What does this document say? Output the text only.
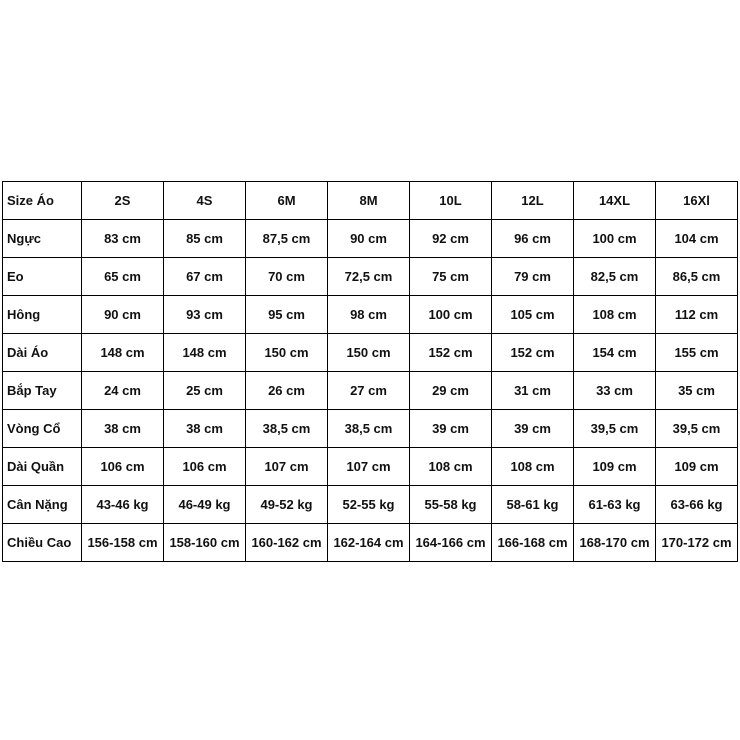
Size Áo	2S	4S	6M	8M	10L	12L	14XL	16Xl
Ngực	83 cm	85 cm	87,5 cm	90 cm	92 cm	96 cm	100 cm	104 cm
Eo	65 cm	67 cm	70 cm	72,5 cm	75 cm	79 cm	82,5 cm	86,5 cm
Hông	90 cm	93 cm	95 cm	98 cm	100 cm	105 cm	108 cm	112 cm
Dài Áo	148 cm	148 cm	150 cm	150 cm	152 cm	152 cm	154 cm	155 cm
Bắp Tay	24 cm	25 cm	26 cm	27 cm	29 cm	31 cm	33 cm	35 cm
Vòng Cổ	38 cm	38 cm	38,5 cm	38,5 cm	39 cm	39 cm	39,5 cm	39,5 cm
Dài Quần	106 cm	106 cm	107 cm	107 cm	108 cm	108 cm	109 cm	109 cm
Cân Nặng	43-46 kg	46-49 kg	49-52 kg	52-55 kg	55-58 kg	58-61 kg	61-63 kg	63-66 kg
Chiều Cao	156-158 cm	158-160 cm	160-162 cm	162-164 cm	164-166 cm	166-168 cm	168-170 cm	170-172 cm
